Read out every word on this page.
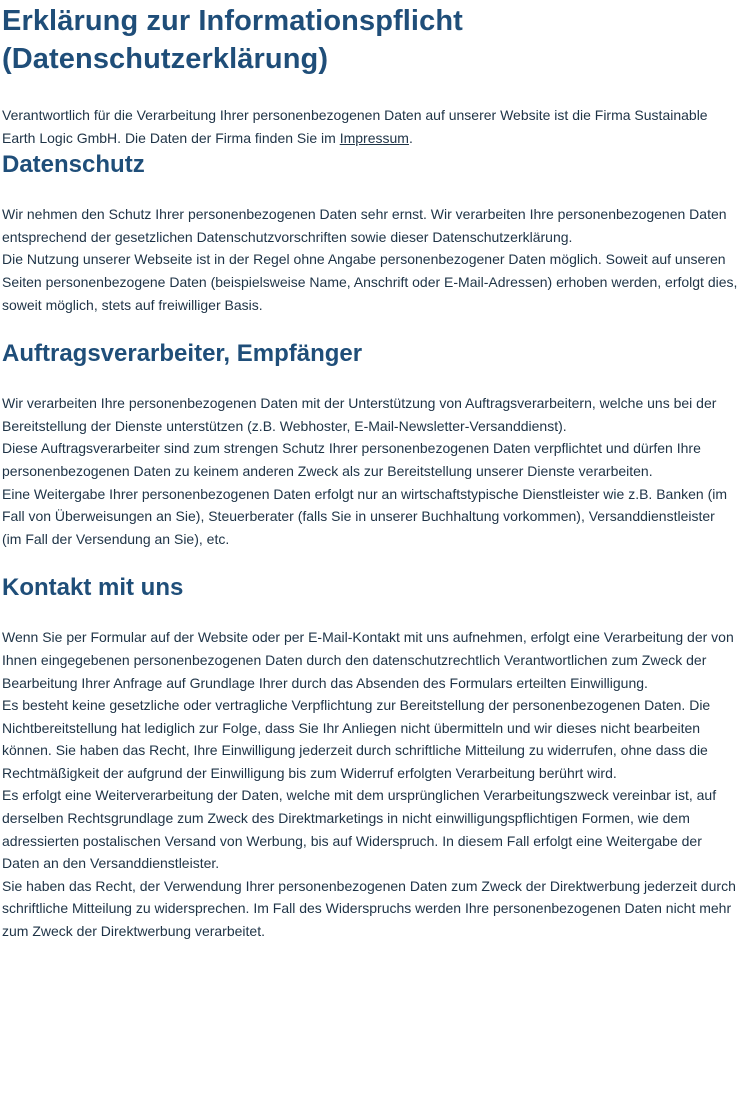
Erklärung zur Informationspflicht (Datenschutzerklärung)

Verantwortlich für die Verarbeitung Ihrer personenbezogenen Daten auf unserer Website ist die Firma Sustainable Earth Logic GmbH. Die Daten der Firma finden Sie im Impressum.

Datenschutz

Wir nehmen den Schutz Ihrer personenbezogenen Daten sehr ernst. Wir verarbeiten Ihre personenbezogenen Daten entsprechend der gesetzlichen Datenschutzvorschriften sowie dieser Datenschutzerklärung.

Die Nutzung unserer Webseite ist in der Regel ohne Angabe personenbezogener Daten möglich. Soweit auf unseren Seiten personenbezogene Daten (beispielsweise Name, Anschrift oder E-Mail-Adressen) erhoben werden, erfolgt dies, soweit möglich, stets auf freiwilliger Basis.

Auftragsverarbeiter, Empfänger

Wir verarbeiten Ihre personenbezogenen Daten mit der Unterstützung von Auftragsverarbeitern, welche uns bei der Bereitstellung der Dienste unterstützen (z.B. Webhoster, E-Mail-Newsletter-Versanddienst).

Diese Auftragsverarbeiter sind zum strengen Schutz Ihrer personenbezogenen Daten verpflichtet und dürfen Ihre personenbezogenen Daten zu keinem anderen Zweck als zur Bereitstellung unserer Dienste verarbeiten.

Eine Weitergabe Ihrer personenbezogenen Daten erfolgt nur an wirtschaftstypische Dienstleister wie z.B. Banken (im Fall von Überweisungen an Sie), Steuerberater (falls Sie in unserer Buchhaltung vorkommen), Versanddienstleister (im Fall der Versendung an Sie), etc.

Kontakt mit uns

Wenn Sie per Formular auf der Website oder per E-Mail-Kontakt mit uns aufnehmen, erfolgt eine Verarbeitung der von Ihnen eingegebenen personenbezogenen Daten durch den datenschutzrechtlich Verantwortlichen zum Zweck der Bearbeitung Ihrer Anfrage auf Grundlage Ihrer durch das Absenden des Formulars erteilten Einwilligung.

Es besteht keine gesetzliche oder vertragliche Verpflichtung zur Bereitstellung der personenbezogenen Daten. Die Nichtbereitstellung hat lediglich zur Folge, dass Sie Ihr Anliegen nicht übermitteln und wir dieses nicht bearbeiten können. Sie haben das Recht, Ihre Einwilligung jederzeit durch schriftliche Mitteilung zu widerrufen, ohne dass die Rechtmäßigkeit der aufgrund der Einwilligung bis zum Widerruf erfolgten Verarbeitung berührt wird.

Es erfolgt eine Weiterverarbeitung der Daten, welche mit dem ursprünglichen Verarbeitungszweck vereinbar ist, auf derselben Rechtsgrundlage zum Zweck des Direktmarketings in nicht einwilligungspflichtigen Formen, wie dem adressierten postalischen Versand von Werbung, bis auf Widerspruch. In diesem Fall erfolgt eine Weitergabe der Daten an den Versanddienstleister.

Sie haben das Recht, der Verwendung Ihrer personenbezogenen Daten zum Zweck der Direktwerbung jederzeit durch schriftliche Mitteilung zu widersprechen. Im Fall des Widerspruchs werden Ihre personenbezogenen Daten nicht mehr zum Zweck der Direktwerbung verarbeitet.
